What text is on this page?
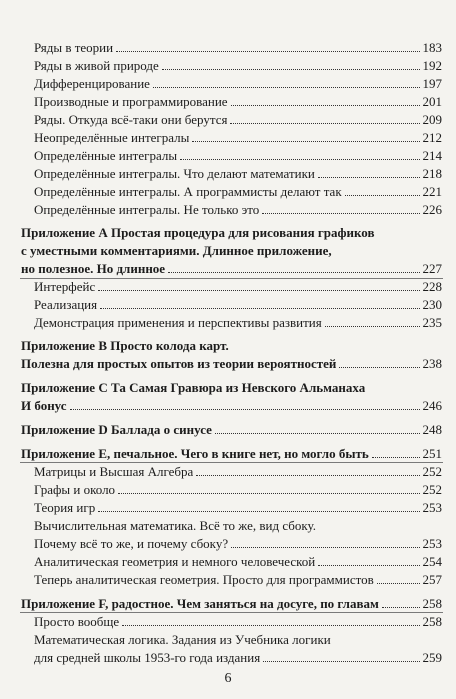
Ряды в теории	183
Ряды в живой природе	192
Дифференцирование	197
Производные и программирование	201
Ряды. Откуда всё-таки они берутся	209
Неопределённые интегралы	212
Определённые интегралы	214
Определённые интегралы. Что делают математики	218
Определённые интегралы. А программисты делают так	221
Определённые интегралы. Не только это	226
Приложение А Простая процедура для рисования графиков
с уместными комментариями. Длинное приложение,
но полезное. Но длинное	227
Интерфейс	228
Реализация	230
Демонстрация применения и перспективы развития	235
Приложение B Просто колода карт.
Полезна для простых опытов из теории вероятностей	238
Приложение C Та Самая Гравюра из Невского Альманаха
И бонус	246
Приложение D Баллада о синусе	248
Приложение E, печальное. Чего в книге нет, но могло быть	251
Матрицы и Высшая Алгебра	252
Графы и около	252
Теория игр	253
Вычислительная математика. Всё то же, вид сбоку.
Почему всё то же, и почему сбоку?	253
Аналитическая геометрия и немного человеческой	254
Теперь аналитическая геометрия. Просто для программистов	257
Приложение F, радостное. Чем заняться на досуге, по главам	258
Просто вообще	258
Математическая логика. Задания из Учебника логики
для средней школы 1953-го года издания	259
6
